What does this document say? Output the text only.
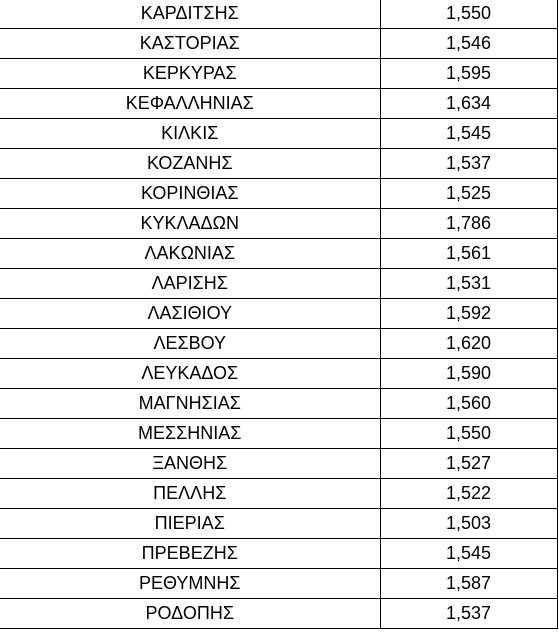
ΚΑΡΔΙΤΣΗΣ	1,550
ΚΑΣΤΟΡΙΑΣ	1,546
ΚΕΡΚΥΡΑΣ	1,595
ΚΕΦΑΛΛΗΝΙΑΣ	1,634
ΚΙΛΚΙΣ	1,545
ΚΟΖΑΝΗΣ	1,537
ΚΟΡΙΝΘΙΑΣ	1,525
ΚΥΚΛΑΔΩΝ	1,786
ΛΑΚΩΝΙΑΣ	1,561
ΛΑΡΙΣΗΣ	1,531
ΛΑΣΙΘΙΟΥ	1,592
ΛΕΣΒΟΥ	1,620
ΛΕΥΚΑΔΟΣ	1,590
ΜΑΓΝΗΣΙΑΣ	1,560
ΜΕΣΣΗΝΙΑΣ	1,550
ΞΑΝΘΗΣ	1,527
ΠΕΛΛΗΣ	1,522
ΠΙΕΡΙΑΣ	1,503
ΠΡΕΒΕΖΗΣ	1,545
ΡΕΘΥΜΝΗΣ	1,587
ΡΟΔΟΠΗΣ	1,537
